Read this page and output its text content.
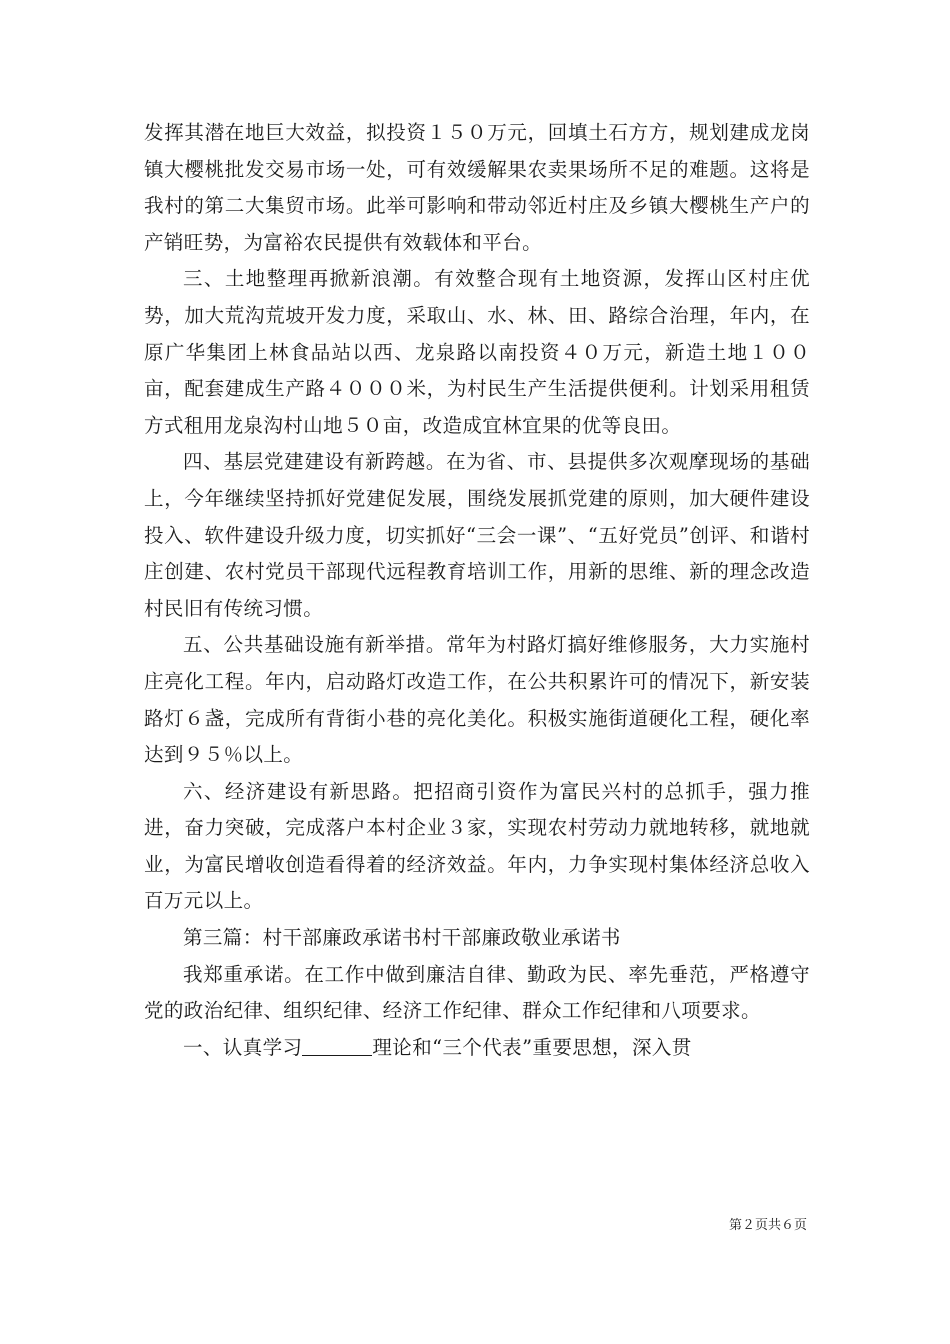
发挥其潜在地巨大效益，拟投资１５０万元，回填土石方方，规划建成龙岗镇大樱桃批发交易市场一处，可有效缓解果农卖果场所不足的难题。这将是我村的第二大集贸市场。此举可影响和带动邻近村庄及乡镇大樱桃生产户的产销旺势，为富裕农民提供有效载体和平台。

三、土地整理再掀新浪潮。有效整合现有土地资源，发挥山区村庄优势，加大荒沟荒坡开发力度，采取山、水、林、田、路综合治理，年内，在原广华集团上林食品站以西、龙泉路以南投资４０万元，新造土地１００亩，配套建成生产路４０００米，为村民生产生活提供便利。计划采用租赁方式租用龙泉沟村山地５０亩，改造成宜林宜果的优等良田。

四、基层党建建设有新跨越。在为省、市、县提供多次观摩现场的基础上，今年继续坚持抓好党建促发展，围绕发展抓党建的原则，加大硬件建设投入、软件建设升级力度，切实抓好“三会一课”、“五好党员”创评、和谐村庄创建、农村党员干部现代远程教育培训工作，用新的思维、新的理念改造村民旧有传统习惯。

五、公共基础设施有新举措。常年为村路灯搞好维修服务，大力实施村庄亮化工程。年内，启动路灯改造工作，在公共积累许可的情况下，新安装路灯６盏，完成所有背街小巷的亮化美化。积极实施街道硬化工程，硬化率达到９５％以上。

六、经济建设有新思路。把招商引资作为富民兴村的总抓手，强力推进，奋力突破，完成落户本村企业３家，实现农村劳动力就地转移，就地就业，为富民增收创造看得着的经济效益。年内，力争实现村集体经济总收入百万元以上。

第三篇：村干部廉政承诺书村干部廉政敬业承诺书

我郑重承诺。在工作中做到廉洁自律、勤政为民、率先垂范，严格遵守党的政治纪律、组织纪律、经济工作纪律、群众工作纪律和八项要求。

一、认真学习	理论和“三个代表”重要思想，深入贯

第２页共６页
